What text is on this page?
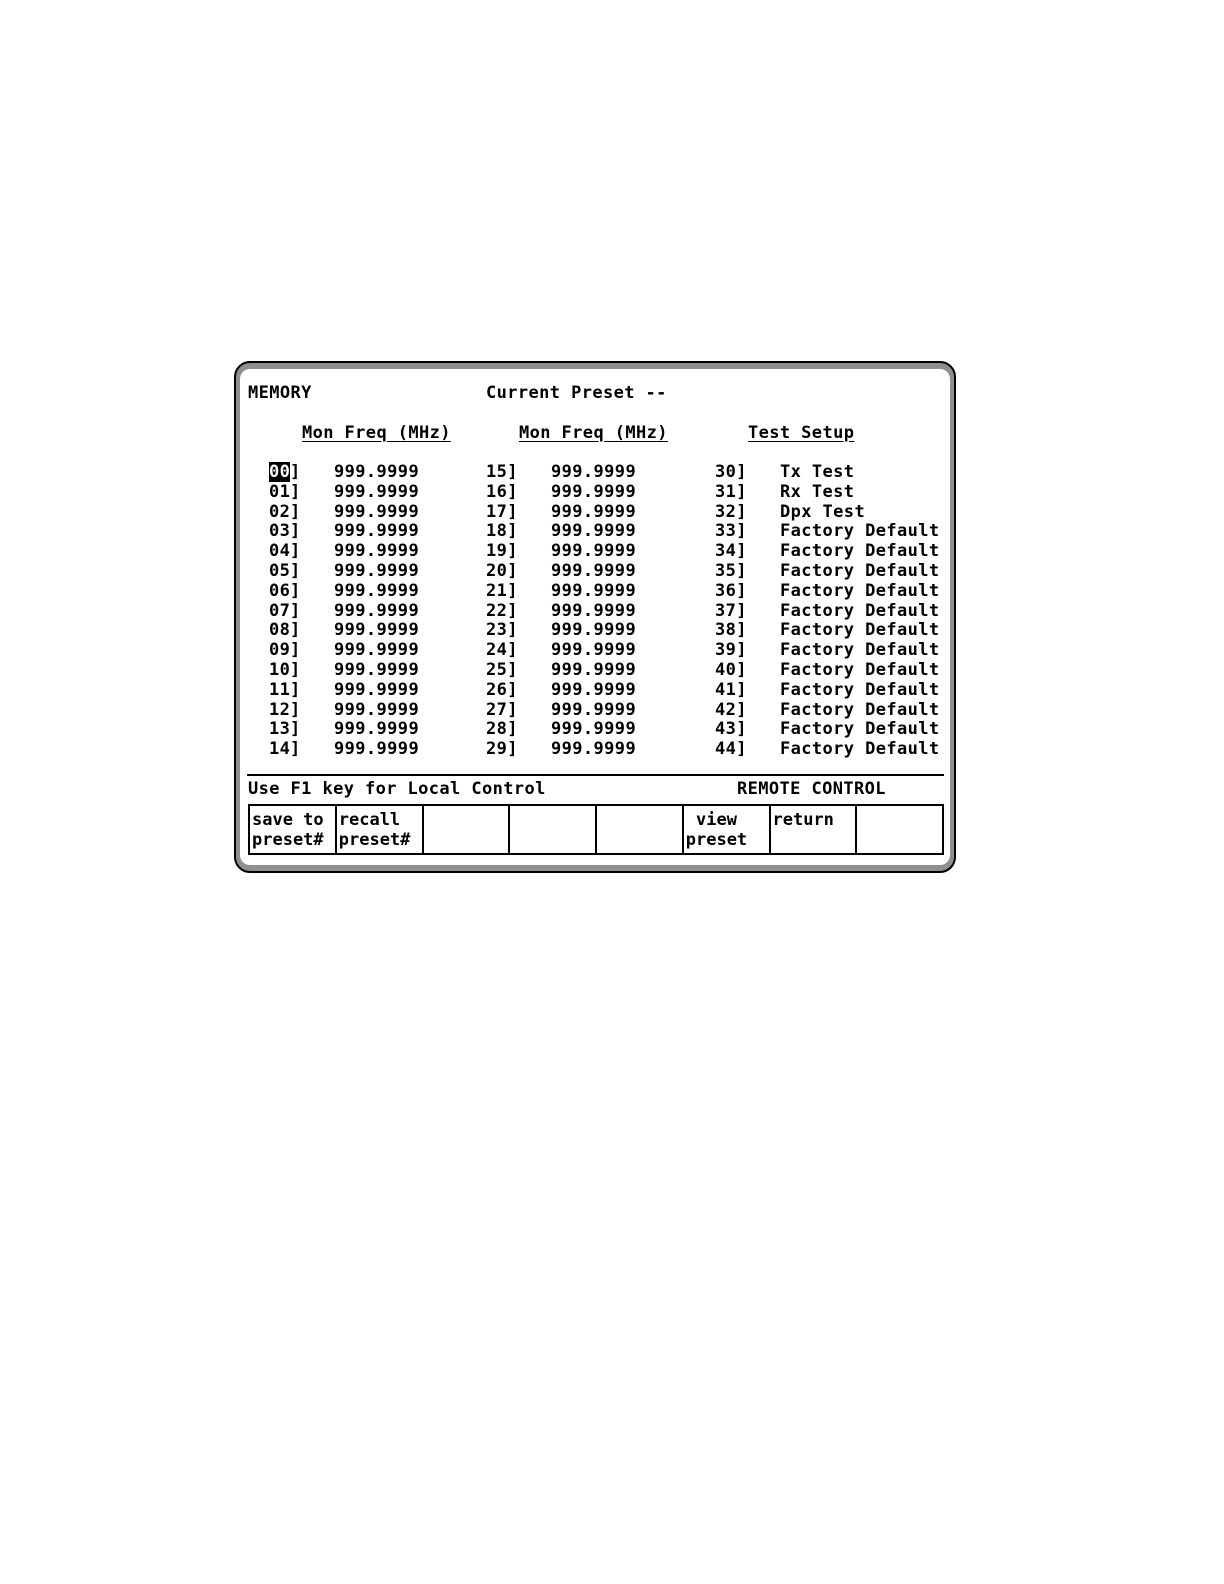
MEMORY	Current Preset --
Mon Freq (MHz)	Mon Freq (MHz)	Test Setup
00 ] 999.9999	15] 999.9999	30] Tx Test
01 ] 999.9999	16] 999.9999	31] Rx Test
02 ] 999.9999	17] 999.9999	32] Dpx Test
03 ] 999.9999	18] 999.9999	33] Factory Default
04 ] 999.9999	19] 999.9999	34] Factory Default
05 ] 999.9999	20] 999.9999	35] Factory Default
06 ] 999.9999	21] 999.9999	36] Factory Default
07 ] 999.9999	22] 999.9999	37] Factory Default
08 ] 999.9999	23] 999.9999	38] Factory Default
09 ] 999.9999	24] 999.9999	39] Factory Default
10 ] 999.9999	25] 999.9999	40] Factory Default
11 ] 999.9999	26] 999.9999	41] Factory Default
12 ] 999.9999	27] 999.9999	42] Factory Default
13 ] 999.9999	28] 999.9999	43] Factory Default
14 ] 999.9999	29] 999.9999	44] Factory Default
Use F1 key for Local Control	REMOTE CONTROL
save to
preset#
recall
preset#
view
preset
return
